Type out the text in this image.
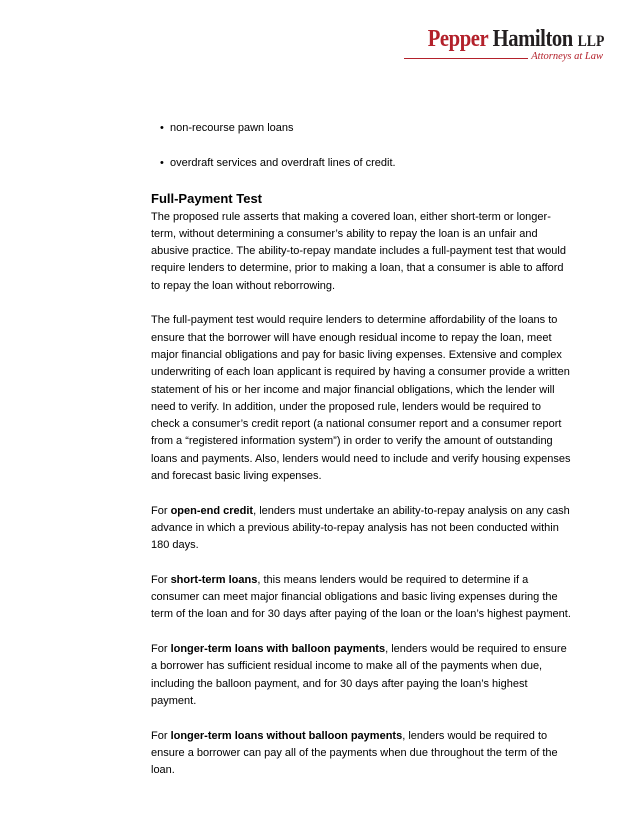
Pepper Hamilton LLP
Attorneys at Law
• non-recourse pawn loans
• overdraft services and overdraft lines of credit.
Full-Payment Test

The proposed rule asserts that making a covered loan, either short-term or longer-term, without determining a consumer’s ability to repay the loan is an unfair and abusive practice. The ability-to-repay mandate includes a full-payment test that would require lenders to determine, prior to making a loan, that a consumer is able to afford to repay the loan without reborrowing.

The full-payment test would require lenders to determine affordability of the loans to ensure that the borrower will have enough residual income to repay the loan, meet major financial obligations and pay for basic living expenses. Extensive and complex underwriting of each loan applicant is required by having a consumer provide a written statement of his or her income and major financial obligations, which the lender will need to verify. In addition, under the proposed rule, lenders would be required to check a consumer’s credit report (a national consumer report and a consumer report from a “registered information system”) in order to verify the amount of outstanding loans and payments. Also, lenders would need to include and verify housing expenses and forecast basic living expenses.

For open-end credit, lenders must undertake an ability-to-repay analysis on any cash advance in which a previous ability-to-repay analysis has not been conducted within 180 days.

For short-term loans, this means lenders would be required to determine if a consumer can meet major financial obligations and basic living expenses during the term of the loan and for 30 days after paying of the loan or the loan’s highest payment.

For longer-term loans with balloon payments, lenders would be required to ensure a borrower has sufficient residual income to make all of the payments when due, including the balloon payment, and for 30 days after paying the loan’s highest payment.

For longer-term loans without balloon payments, lenders would be required to ensure a borrower can pay all of the payments when due throughout the term of the loan.
